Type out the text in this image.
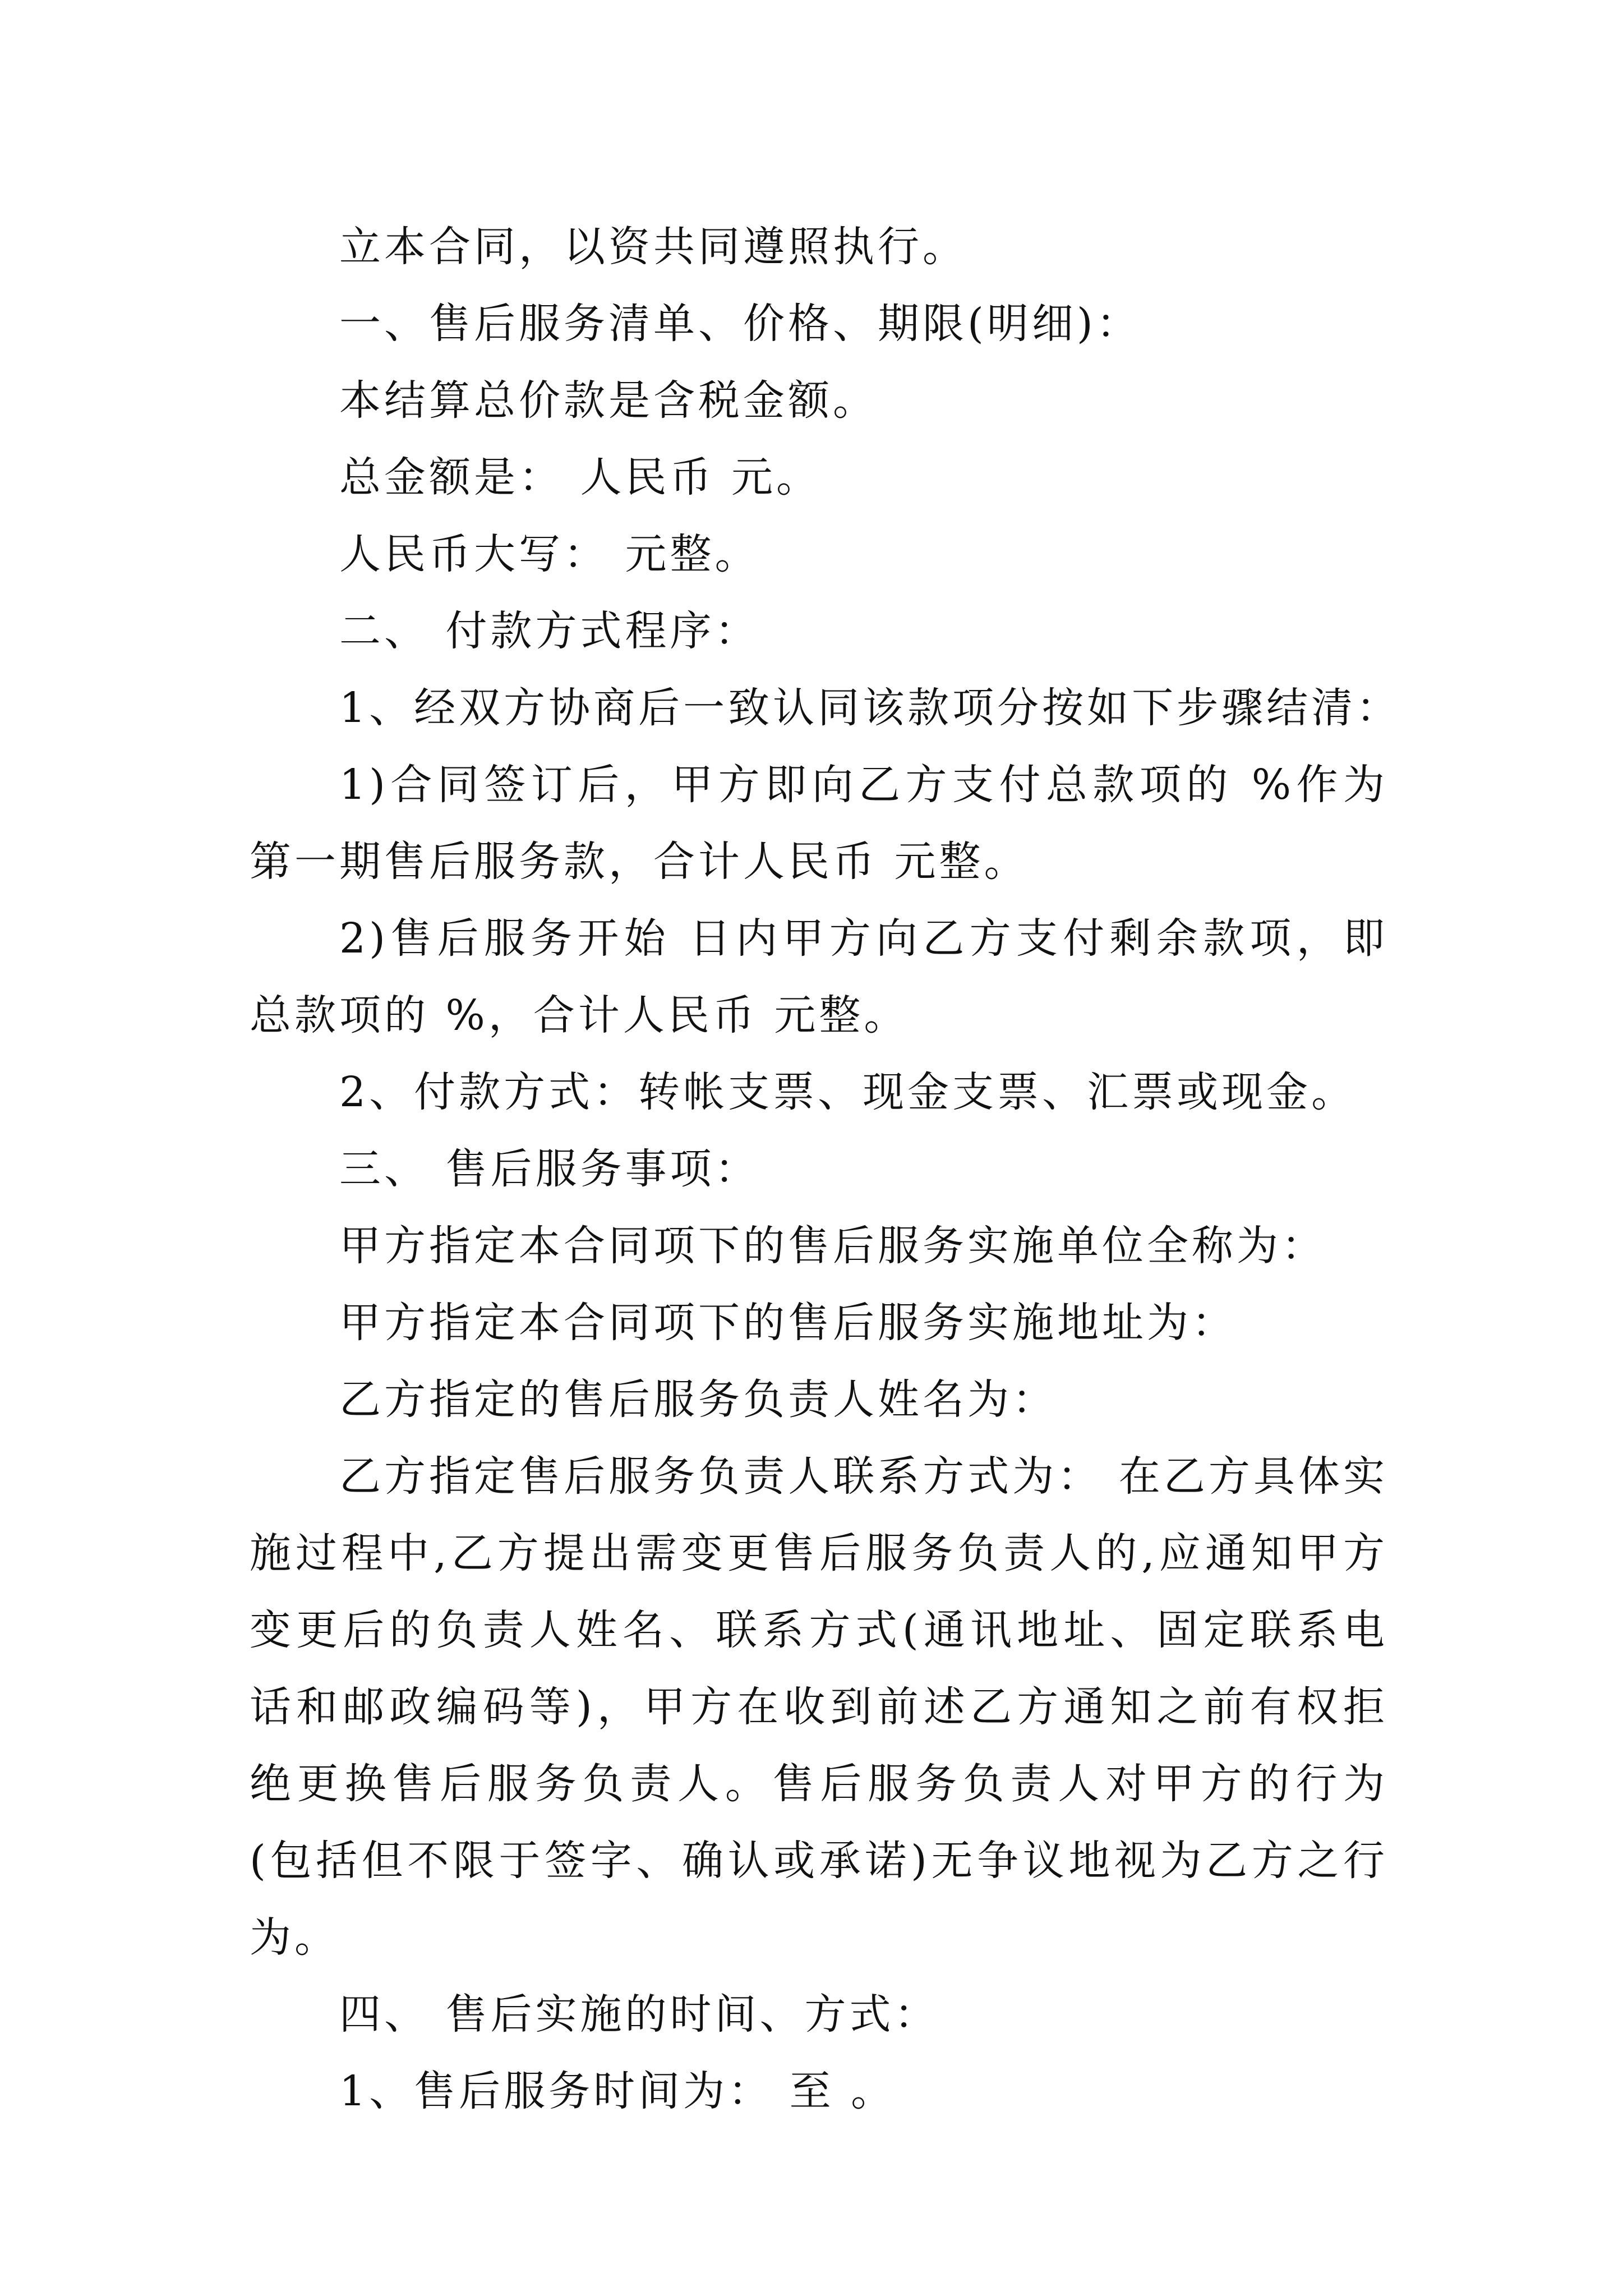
立本合同，以资共同遵照执行。

一、售后服务清单、价格、期限(明细)：

本结算总价款是含税金额。

总金额是： 人民币 元。

人民币大写： 元整。

二、 付款方式程序：

1、经双方协商后一致认同该款项分按如下步骤结清：

1)合同签订后，甲方即向乙方支付总款项的 %作为第一期售后服务款，合计人民币 元整。

2)售后服务开始 日内甲方向乙方支付剩余款项，即总款项的 %，合计人民币 元整。

2、付款方式：转帐支票、现金支票、汇票或现金。

三、 售后服务事项：

甲方指定本合同项下的售后服务实施单位全称为：

甲方指定本合同项下的售后服务实施地址为：

乙方指定的售后服务负责人姓名为：

乙方指定售后服务负责人联系方式为： 在乙方具体实施过程中,乙方提出需变更售后服务负责人的,应通知甲方变更后的负责人姓名、联系方式(通讯地址、固定联系电话和邮政编码等)，甲方在收到前述乙方通知之前有权拒绝更换售后服务负责人。售后服务负责人对甲方的行为(包括但不限于签字、确认或承诺)无争议地视为乙方之行为。

四、 售后实施的时间、方式：

1、售后服务时间为： 至 。
